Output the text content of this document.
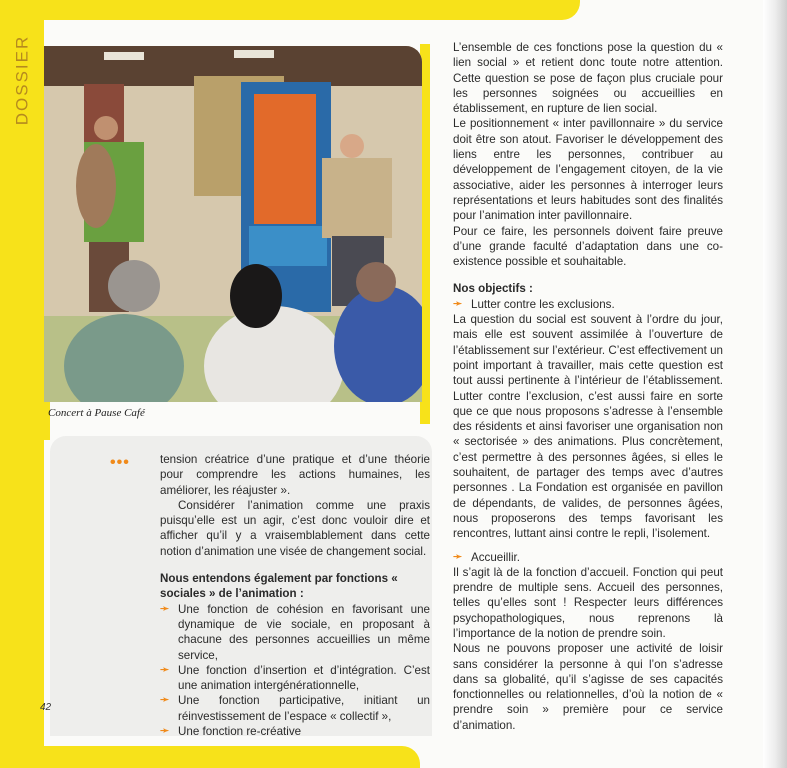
DOSSIER
Concert à Pause Café
•••
42

tension créatrice d’une pratique et d’une théorie pour comprendre les actions humaines, les améliorer, les réajuster ».

Considérer l’animation comme une praxis puisqu’elle est un agir, c’est donc vouloir dire et afficher qu’il y a vraisemblablement dans cette notion d’animation une visée de changement social.

Nous entendons également par fonctions « sociales » de l’animation :
➛ Une fonction de cohésion en favorisant une dynamique de vie sociale, en proposant à chacune des personnes accueillies un même service,
➛ Une fonction d’insertion et d’intégration. C’est une animation intergénérationnelle,
➛ Une fonction participative, initiant un réinvestissement de l’espace « collectif »,
➛ Une fonction re-créative

L’ensemble de ces fonctions pose la question du « lien social » et retient donc toute notre attention. Cette question se pose de façon plus cruciale pour les personnes soignées ou accueillies en établissement, en rupture de lien social.

Le positionnement « inter pavillonnaire » du service doit être son atout. Favoriser le développement des liens entre les personnes, contribuer au développement de l’engagement citoyen, de la vie associative, aider les personnes à interroger leurs représentations et leurs habitudes sont des finalités pour l’animation inter pavillonnaire.

Pour ce faire, les personnels doivent faire preuve d’une grande faculté d’adaptation dans une co-existence possible et souhaitable.

Nos objectifs :
➛ Lutter contre les exclusions.

La question du social est souvent à l’ordre du jour, mais elle est souvent assimilée à l’ouverture de l’établissement sur l’extérieur. C’est effectivement un point important à travailler, mais cette question est tout aussi pertinente à l’intérieur de l’établissement. Lutter contre l’exclusion, c’est aussi faire en sorte que ce que nous proposons s’adresse à l’ensemble des résidents et ainsi favoriser une organisation non « sectorisée » des animations. Plus concrètement, c’est permettre à des personnes âgées, si elles le souhaitent, de partager des temps avec d’autres personnes . La Fondation est organisée en pavillon de dépendants, de valides, de personnes âgées, nous proposerons des temps favorisant les rencontres, luttant ainsi contre le repli, l’isolement.

➛ Accueillir.

Il s’agit là de la fonction d’accueil. Fonction qui peut prendre de multiple sens. Accueil des personnes, telles qu’elles sont ! Respecter leurs différences psychopathologiques, nous reprenons là l’importance de la notion de prendre soin.

Nous ne pouvons proposer une activité de loisir sans considérer la personne à qui l’on s’adresse dans sa globalité, qu’il s’agisse de ses capacités fonctionnelles ou relationnelles, d’où la notion de « prendre soin » première pour ce service d’animation.
